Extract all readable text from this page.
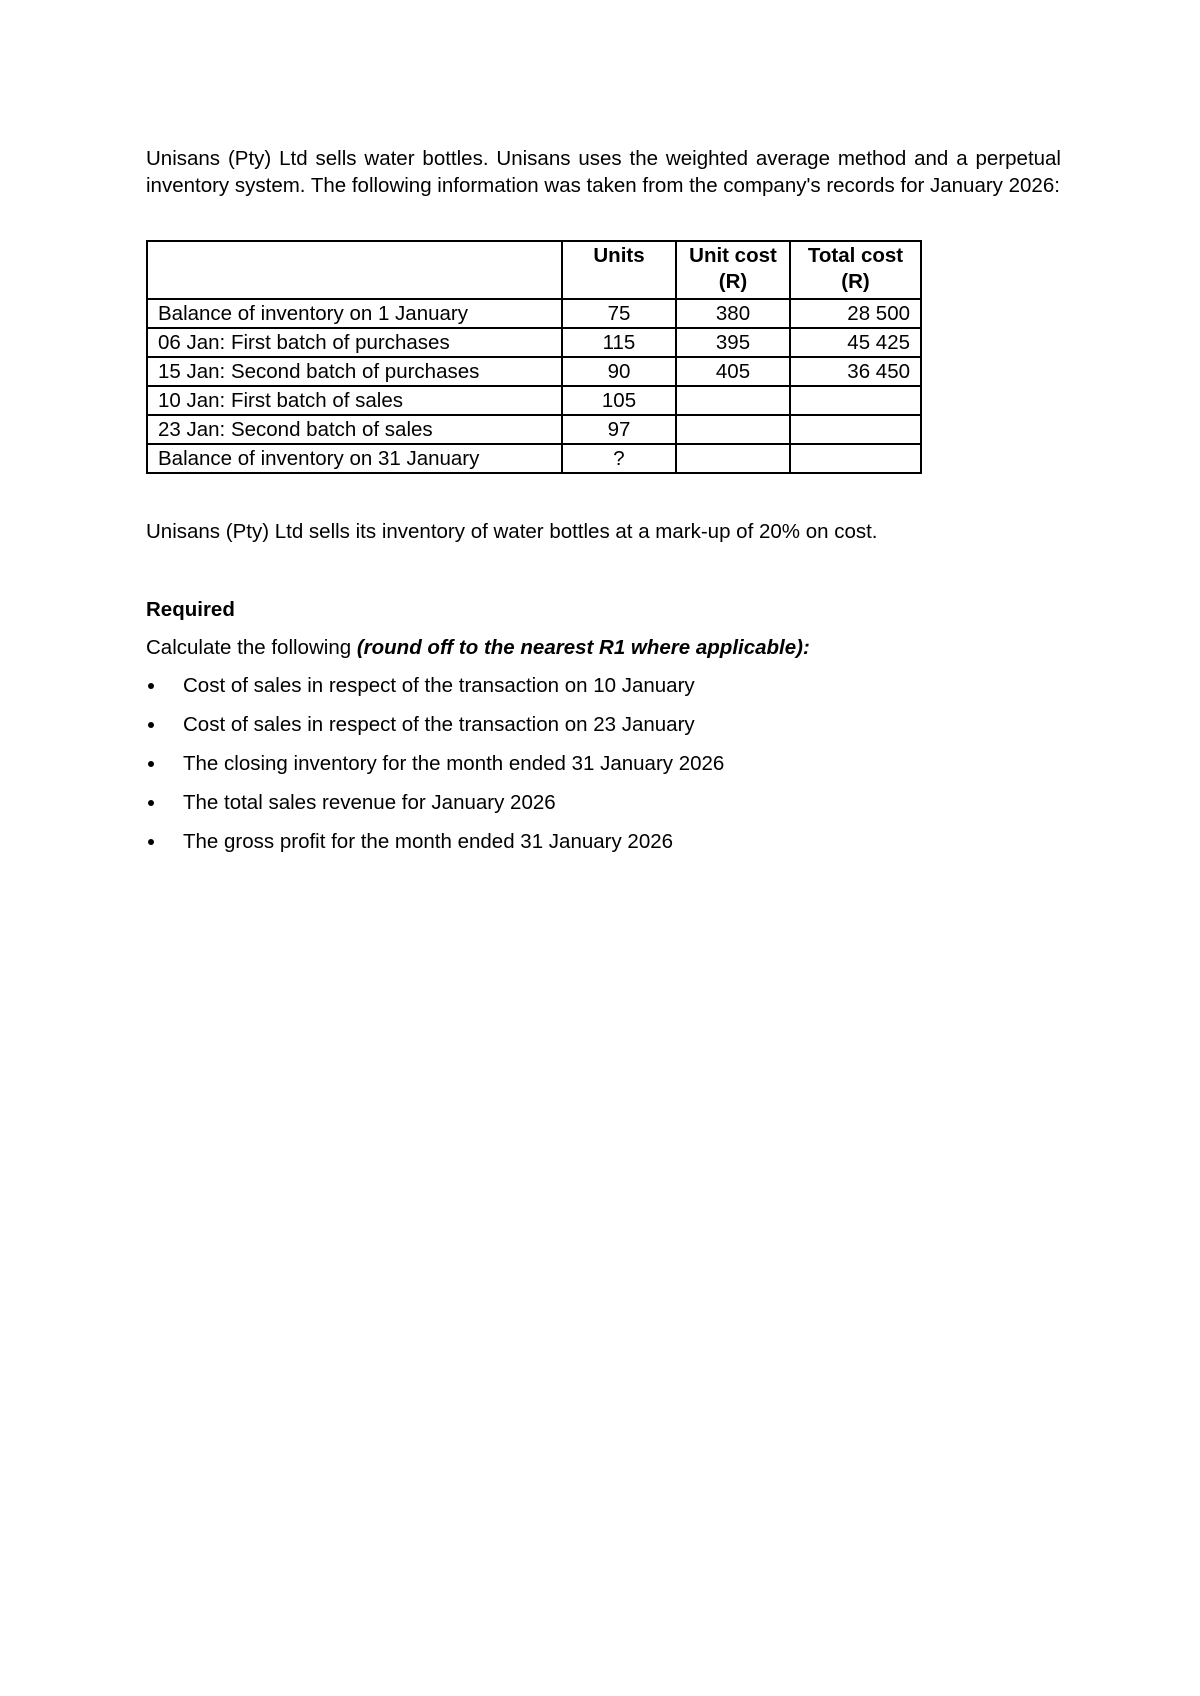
Unisans (Pty) Ltd sells water bottles. Unisans uses the weighted average method and a perpetual inventory system. The following information was taken from the company's records for January 2026:

	Units	Unit cost (R)	Total cost (R)
Balance of inventory on 1 January	75	380	28 500
06 Jan: First batch of purchases	115	395	45 425
15 Jan: Second batch of purchases	90	405	36 450
10 Jan: First batch of sales	105		
23 Jan: Second batch of sales	97		
Balance of inventory on 31 January	?		

Unisans (Pty) Ltd sells its inventory of water bottles at a mark-up of 20% on cost.

Required

Calculate the following (round off to the nearest R1 where applicable):

Cost of sales in respect of the transaction on 10 January
Cost of sales in respect of the transaction on 23 January
The closing inventory for the month ended 31 January 2026
The total sales revenue for January 2026
The gross profit for the month ended 31 January 2026
